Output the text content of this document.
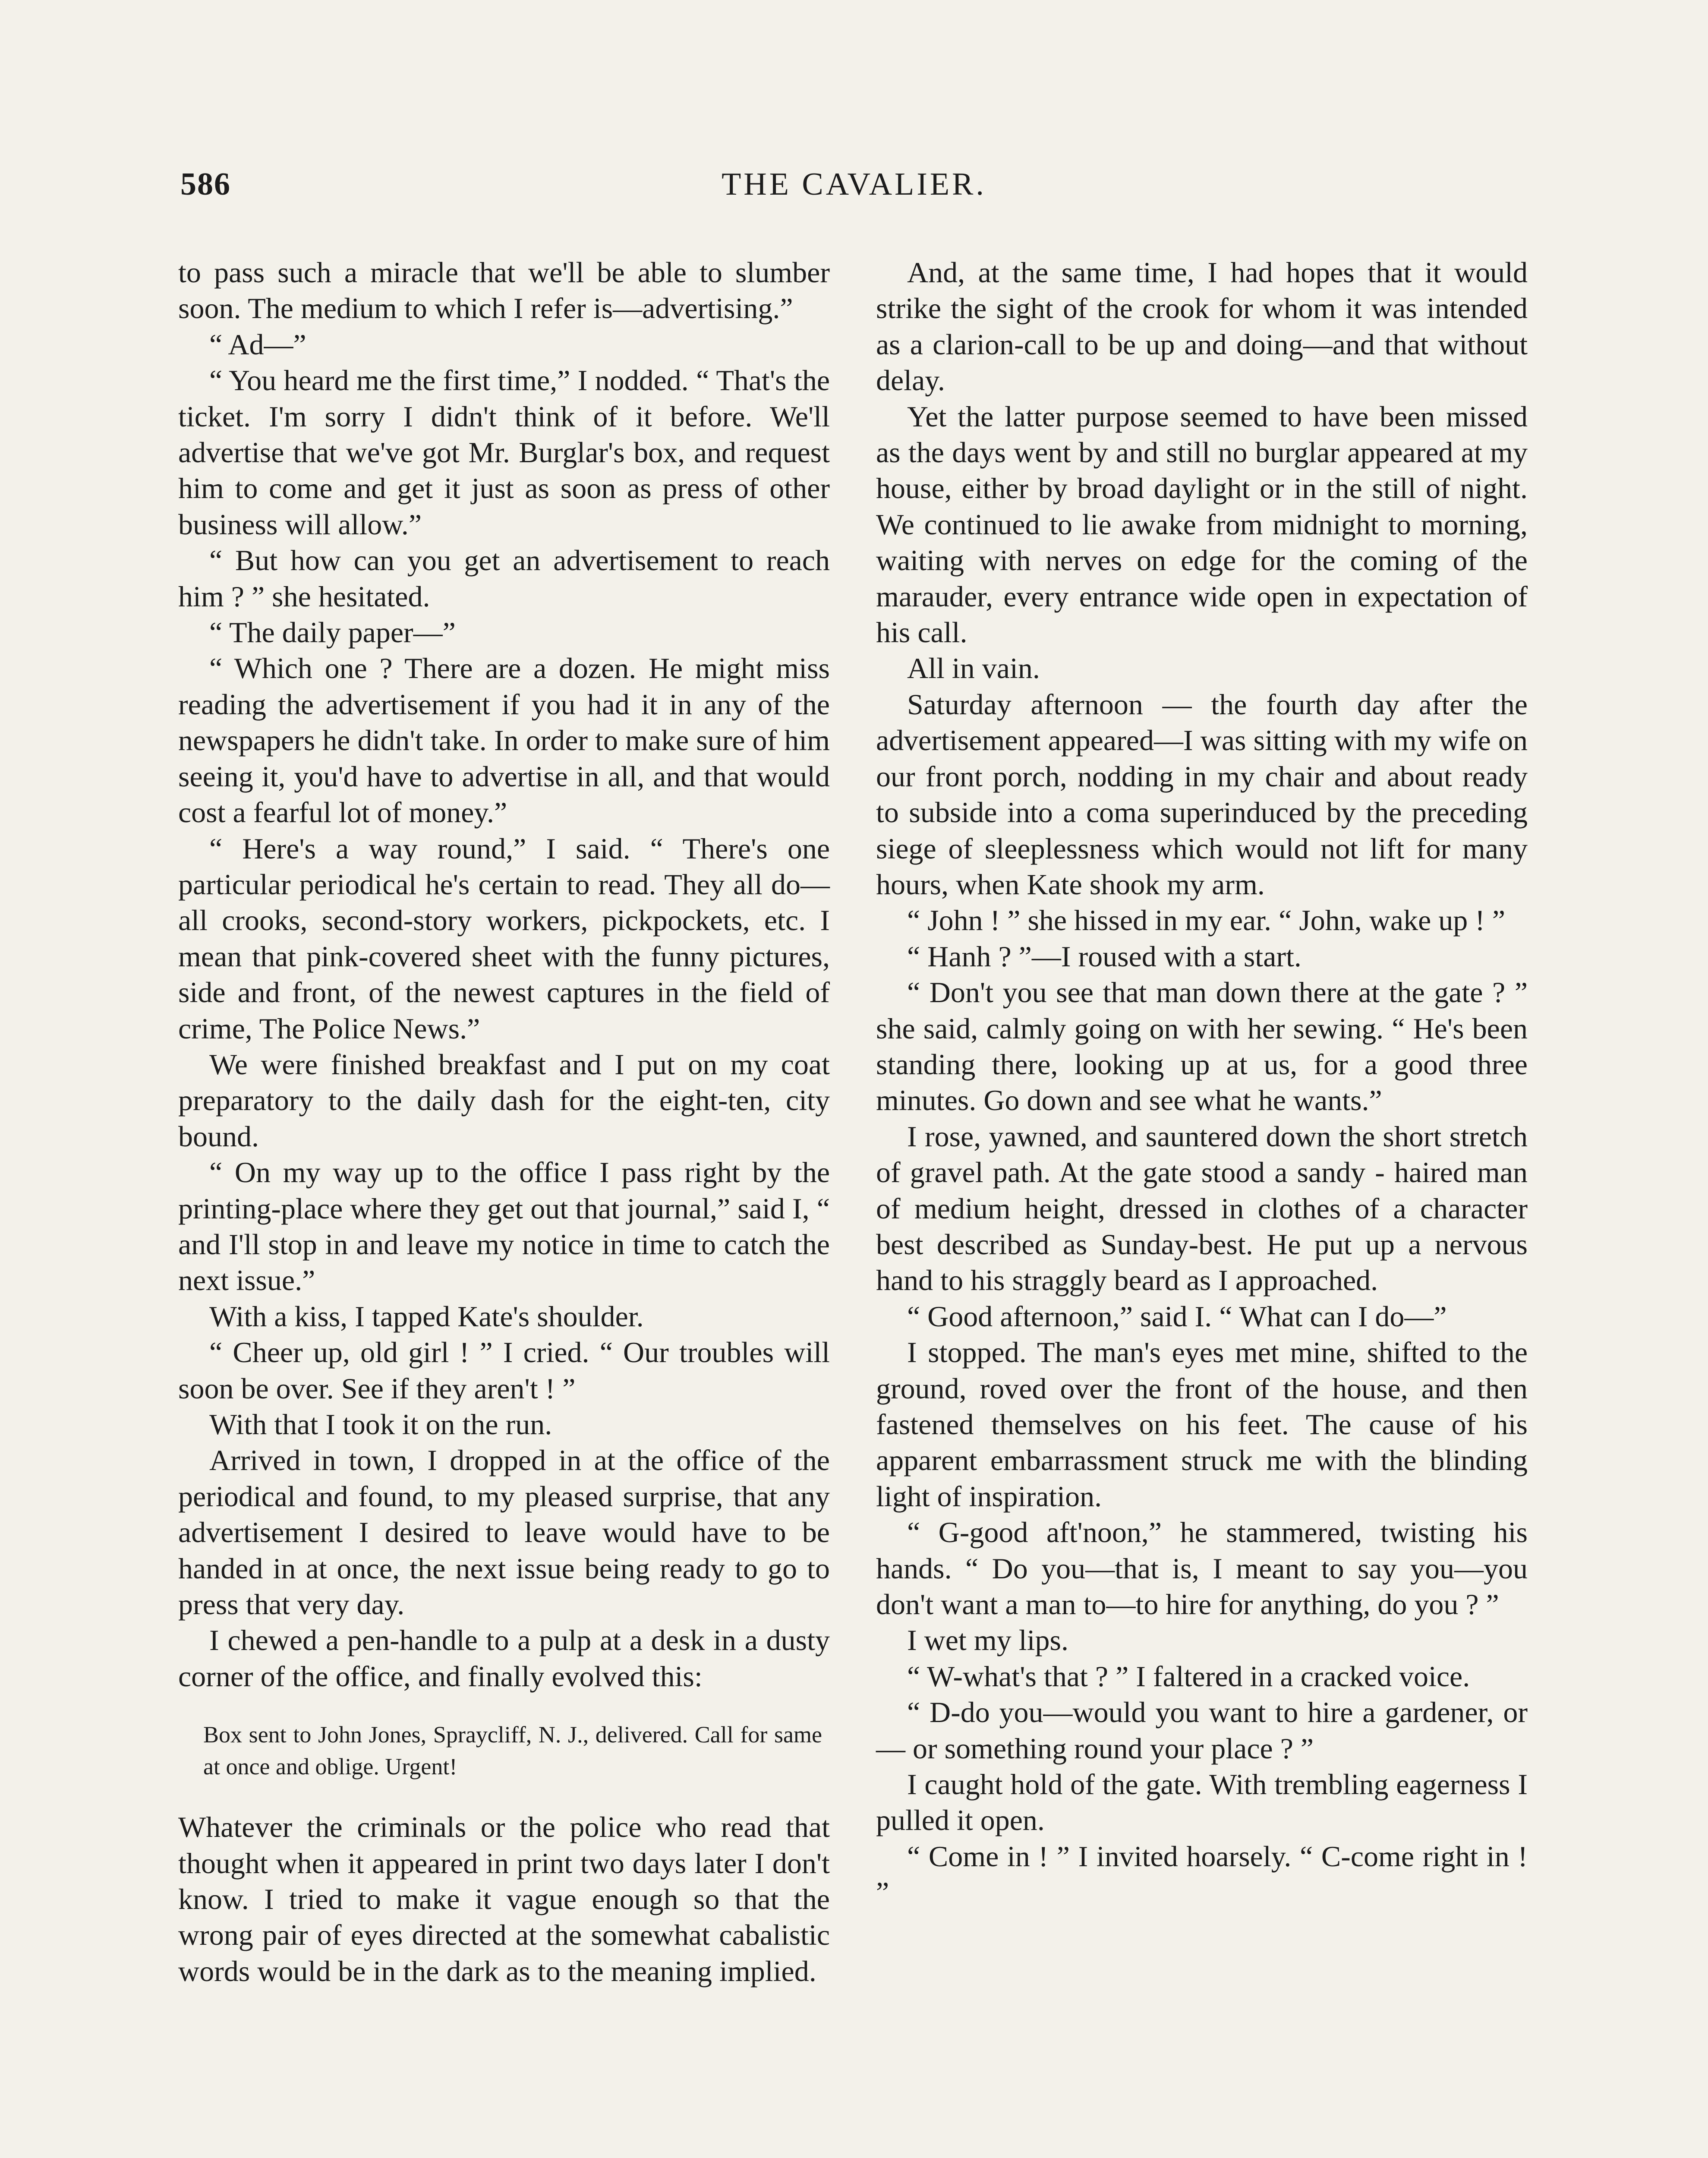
586	THE CAVALIER.

to pass such a miracle that we'll be able to slumber soon. The medium to which I refer is—advertising.”

“ Ad—”

“ You heard me the first time,” I nodded. “ That's the ticket. I'm sorry I didn't think of it before. We'll advertise that we've got Mr. Burglar's box, and request him to come and get it just as soon as press of other business will allow.”

“ But how can you get an advertisement to reach him ? ” she hesitated.

“ The daily paper—”

“ Which one ? There are a dozen. He might miss reading the advertisement if you had it in any of the newspapers he didn't take. In order to make sure of him seeing it, you'd have to advertise in all, and that would cost a fearful lot of money.”

“ Here's a way round,” I said. “ There's one particular periodical he's certain to read. They all do—all crooks, second-story workers, pickpockets, etc. I mean that pink-covered sheet with the funny pictures, side and front, of the newest captures in the field of crime, The Police News.”

We were finished breakfast and I put on my coat preparatory to the daily dash for the eight-ten, city bound.

“ On my way up to the office I pass right by the printing-place where they get out that journal,” said I, “ and I'll stop in and leave my notice in time to catch the next issue.”

With a kiss, I tapped Kate's shoulder.

“ Cheer up, old girl ! ” I cried. “ Our troubles will soon be over. See if they aren't ! ”

With that I took it on the run.

Arrived in town, I dropped in at the office of the periodical and found, to my pleased surprise, that any advertisement I desired to leave would have to be handed in at once, the next issue being ready to go to press that very day.

I chewed a pen-handle to a pulp at a desk in a dusty corner of the office, and finally evolved this:

Box sent to John Jones, Spraycliff, N. J., delivered. Call for same at once and oblige. Urgent!

Whatever the criminals or the police who read that thought when it appeared in print two days later I don't know. I tried to make it vague enough so that the wrong pair of eyes directed at the somewhat cabalistic words would be in the dark as to the meaning implied.

And, at the same time, I had hopes that it would strike the sight of the crook for whom it was intended as a clarion-call to be up and doing—and that without delay.

Yet the latter purpose seemed to have been missed as the days went by and still no burglar appeared at my house, either by broad daylight or in the still of night. We continued to lie awake from midnight to morning, waiting with nerves on edge for the coming of the marauder, every entrance wide open in expectation of his call.

All in vain.

Saturday afternoon — the fourth day after the advertisement appeared—I was sitting with my wife on our front porch, nodding in my chair and about ready to subside into a coma superinduced by the preceding siege of sleeplessness which would not lift for many hours, when Kate shook my arm.

“ John ! ” she hissed in my ear. “ John, wake up ! ”

“ Hanh ? ”—I roused with a start.

“ Don't you see that man down there at the gate ? ” she said, calmly going on with her sewing. “ He's been standing there, looking up at us, for a good three minutes. Go down and see what he wants.”

I rose, yawned, and sauntered down the short stretch of gravel path. At the gate stood a sandy - haired man of medium height, dressed in clothes of a character best described as Sunday-best. He put up a nervous hand to his straggly beard as I approached.

“ Good afternoon,” said I. “ What can I do—”

I stopped. The man's eyes met mine, shifted to the ground, roved over the front of the house, and then fastened themselves on his feet. The cause of his apparent embarrassment struck me with the blinding light of inspiration.

“ G-good aft'noon,” he stammered, twisting his hands. “ Do you—that is, I meant to say you—you don't want a man to—to hire for anything, do you ? ”

I wet my lips.

“ W-what's that ? ” I faltered in a cracked voice.

“ D-do you—would you want to hire a gardener, or — or something round your place ? ”

I caught hold of the gate. With trembling eagerness I pulled it open.

“ Come in ! ” I invited hoarsely. “ C-come right in ! ”
